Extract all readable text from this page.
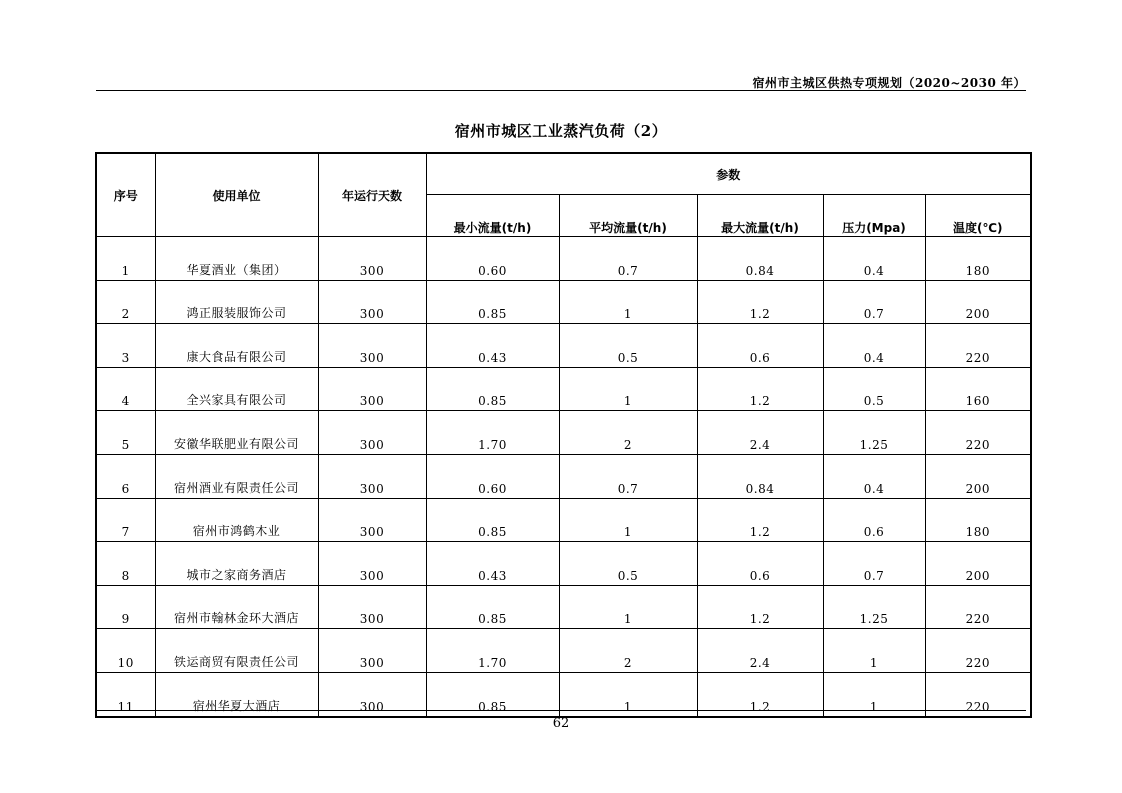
宿州市主城区供热专项规划（2020~2030 年）
宿州市城区工业蒸汽负荷（2）
序号	使用单位	年运行天数	参数				
			最小流量(t/h)	平均流量(t/h)	最大流量(t/h)	压力(Mpa)	温度(℃)
1	华夏酒业（集团）	300	0.60	0.7	0.84	0.4	180
2	鸿正服装服饰公司	300	0.85	1	1.2	0.7	200
3	康大食品有限公司	300	0.43	0.5	0.6	0.4	220
4	全兴家具有限公司	300	0.85	1	1.2	0.5	160
5	安徽华联肥业有限公司	300	1.70	2	2.4	1.25	220
6	宿州酒业有限责任公司	300	0.60	0.7	0.84	0.4	200
7	宿州市鸿鹤木业	300	0.85	1	1.2	0.6	180
8	城市之家商务酒店	300	0.43	0.5	0.6	0.7	200
9	宿州市翰林金环大酒店	300	0.85	1	1.2	1.25	220
10	铁运商贸有限责任公司	300	1.70	2	2.4	1	220
11	宿州华夏大酒店	300	0.85	1	1.2	1	220
62
